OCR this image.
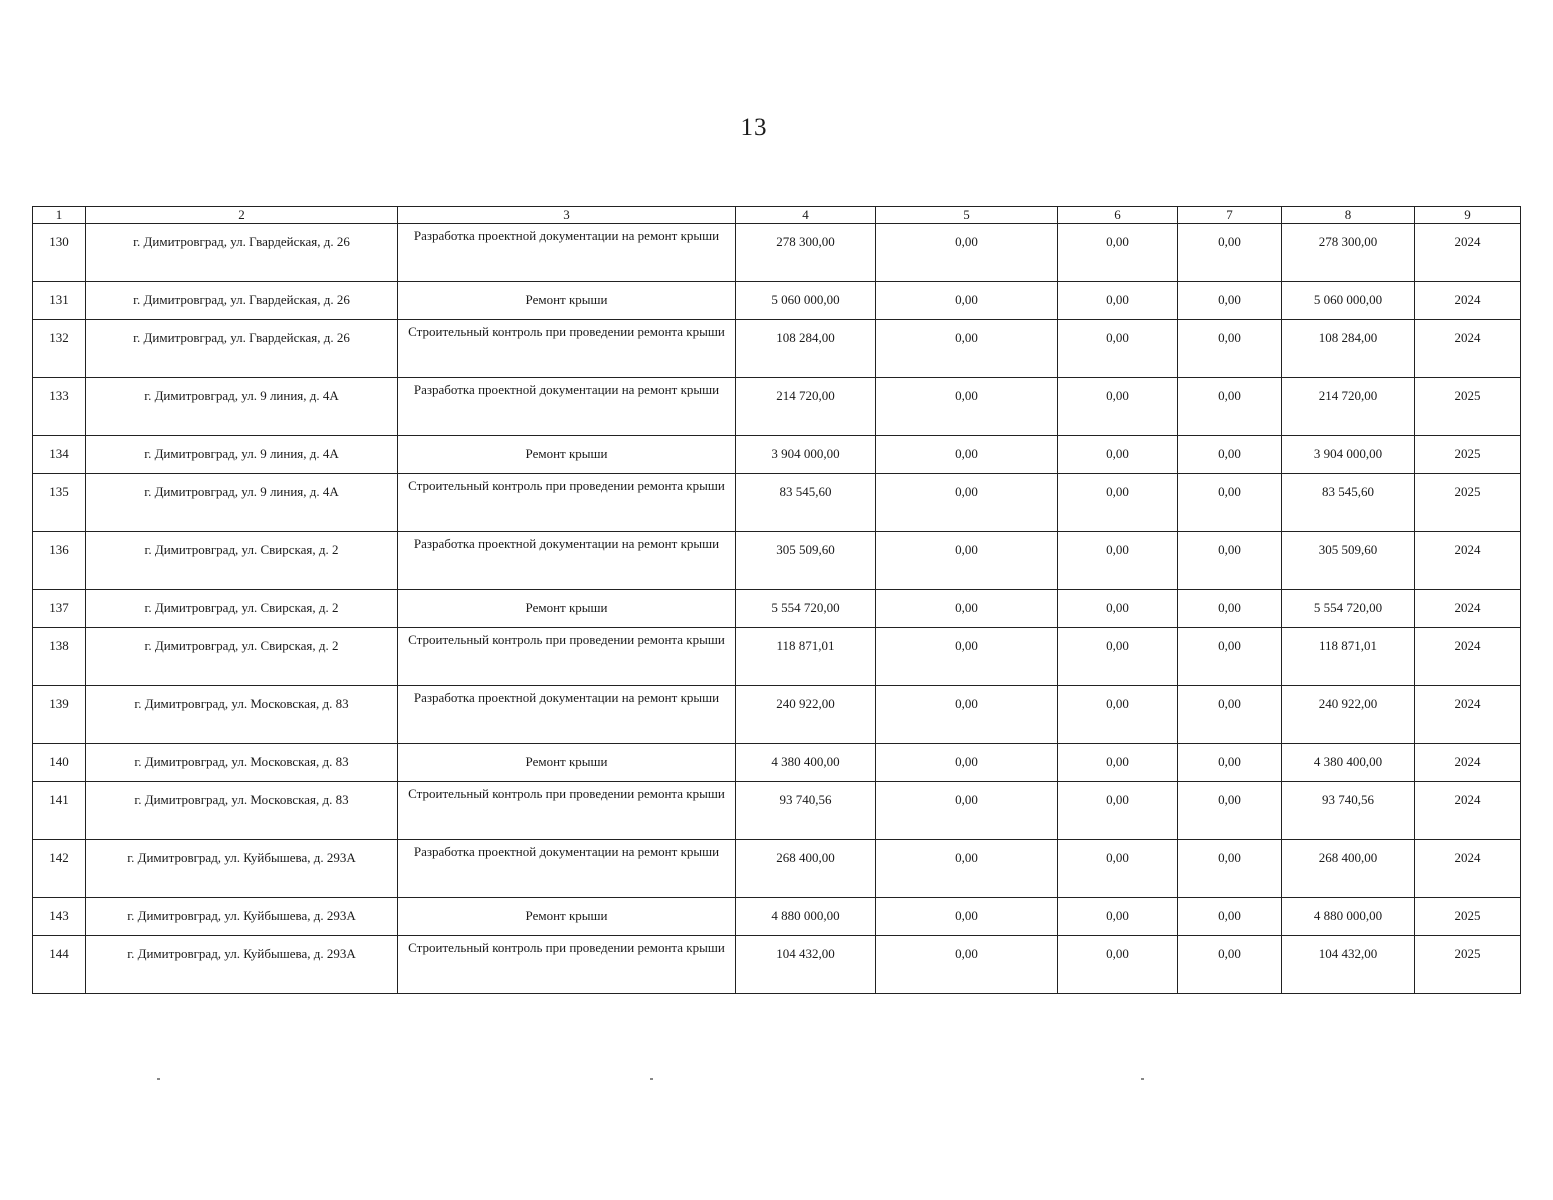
13
1	2	3	4	5	6	7	8	9
130	г. Димитровград, ул. Гвардейская, д. 26	Разработка проектной документации на ремонт крыши	278 300,00	0,00	0,00	0,00	278 300,00	2024
131	г. Димитровград, ул. Гвардейская, д. 26	Ремонт крыши	5 060 000,00	0,00	0,00	0,00	5 060 000,00	2024
132	г. Димитровград, ул. Гвардейская, д. 26	Строительный контроль при проведении ремонта крыши	108 284,00	0,00	0,00	0,00	108 284,00	2024
133	г. Димитровград, ул. 9 линия, д. 4А	Разработка проектной документации на ремонт крыши	214 720,00	0,00	0,00	0,00	214 720,00	2025
134	г. Димитровград, ул. 9 линия, д. 4А	Ремонт крыши	3 904 000,00	0,00	0,00	0,00	3 904 000,00	2025
135	г. Димитровград, ул. 9 линия, д. 4А	Строительный контроль при проведении ремонта крыши	83 545,60	0,00	0,00	0,00	83 545,60	2025
136	г. Димитровград, ул. Свирская, д. 2	Разработка проектной документации на ремонт крыши	305 509,60	0,00	0,00	0,00	305 509,60	2024
137	г. Димитровград, ул. Свирская, д. 2	Ремонт крыши	5 554 720,00	0,00	0,00	0,00	5 554 720,00	2024
138	г. Димитровград, ул. Свирская, д. 2	Строительный контроль при проведении ремонта крыши	118 871,01	0,00	0,00	0,00	118 871,01	2024
139	г. Димитровград, ул. Московская, д. 83	Разработка проектной документации на ремонт крыши	240 922,00	0,00	0,00	0,00	240 922,00	2024
140	г. Димитровград, ул. Московская, д. 83	Ремонт крыши	4 380 400,00	0,00	0,00	0,00	4 380 400,00	2024
141	г. Димитровград, ул. Московская, д. 83	Строительный контроль при проведении ремонта крыши	93 740,56	0,00	0,00	0,00	93 740,56	2024
142	г. Димитровград, ул. Куйбышева, д. 293А	Разработка проектной документации на ремонт крыши	268 400,00	0,00	0,00	0,00	268 400,00	2024
143	г. Димитровград, ул. Куйбышева, д. 293А	Ремонт крыши	4 880 000,00	0,00	0,00	0,00	4 880 000,00	2025
144	г. Димитровград, ул. Куйбышева, д. 293А	Строительный контроль при проведении ремонта крыши	104 432,00	0,00	0,00	0,00	104 432,00	2025
